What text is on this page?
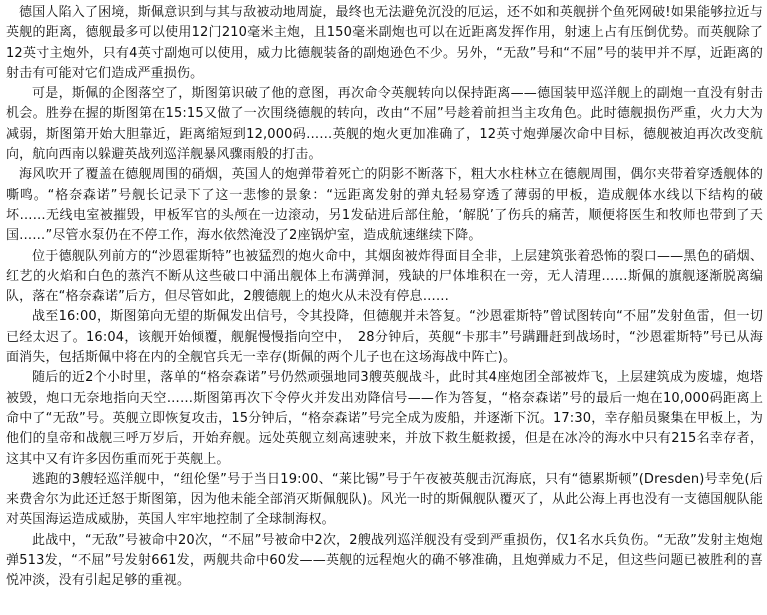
德国人陷入了困境，斯佩意识到与其与敌被动地周旋，最终也无法避免沉没的厄运，还不如和英舰拼个鱼死网破!如果能够拉近与英舰的距离，德舰最多可以使用12门210毫米主炮，且150毫米副炮也可以在近距离发挥作用，射速上占有压倒优势。而英舰除了12英寸主炮外，只有4英寸副炮可以使用，威力比德舰装备的副炮逊色不少。另外，“无敌”号和“不屈”号的装甲并不厚，近距离的射击有可能对它们造成严重损伤。

可是，斯佩的企图落空了，斯图第识破了他的意图，再次命令英舰转向以保持距离——德国装甲巡洋舰上的副炮一直没有射击机会。胜券在握的斯图第在15:15又做了一次围绕德舰的转向，改由“不屈”号趁着前担当主攻角色。此时德舰损伤严重，火力大为减弱，斯图第开始大胆靠近，距离缩短到12,000码……英舰的炮火更加准确了，12英寸炮弹屡次命中目标，德舰被迫再次改变航向，航向西南以躲避英战列巡洋舰暴风骤雨般的打击。

海风吹开了覆盖在德舰周围的硝烟，英国人的炮弹带着死亡的阴影不断落下，粗大水柱林立在德舰周围，偶尔夹带着穿透舰体的嘶鸣。“格奈森诺”号舰长记录下了这一悲惨的景象：“远距离发射的弹丸轻易穿透了薄弱的甲板，造成舰体水线以下结构的破坏……无线电室被摧毁，甲板军官的头颅在一边滚动，另1发砧进后部住舱，‘解脱’了伤兵的痛苦，顺便将医生和牧师也带到了天国……”尽管水泵仍在不停工作，海水依然淹没了2座锅炉室，造成航速继续下降。

位于德舰队列前方的“沙恩霍斯特”也被猛烈的炮火命中，其烟囱被炸得面目全非，上层建筑张着恐怖的裂口——黑色的硝烟、红艺的火焰和白色的蒸汽不断从这些破口中涌出舰体上布满弹洞，残缺的尸体堆积在一旁，无人清理……斯佩的旗舰逐渐脱离编队，落在“格奈森诺”后方，但尽管如此，2艘德舰上的炮火从未没有停息……

战至16:00，斯图第向无望的斯佩发出信号，令其投降，但德舰并未答复。“沙恩霍斯特”曾试图转向“不屈”发射鱼雷，但一切已经太迟了。16:04，该舰开始倾覆，舰艉慢慢指向空中，　28分钟后，英舰“卡那丰”号蹒跚赶到战场时，“沙恩霍斯特”号已从海面消失，包括斯佩中将在内的全舰官兵无一幸存(斯佩的两个儿子也在这场海战中阵亡)。

随后的近2个小时里，落单的“格奈森诺”号仍然顽强地同3艘英舰战斗，此时其4座炮团全部被炸飞，上层建筑成为废墟，炮塔被毁，炮口无奈地指向天空……斯图第再次下令停火并发出劝降信号——作为答复，“格奈森诺”号的最后一炮在10,000码距离上命中了“无敌”号。英舰立即恢复攻击，15分钟后，“格奈森诺”号完全成为废船，并逐渐下沉。17:30，幸存船员聚集在甲板上，为他们的皇帝和战舰三呼万岁后，开始弃舰。远处英舰立刻高速驶来，并放下救生艇救援，但是在冰冷的海水中只有215名幸存者，这其中又有许多因伤重而死于英舰上。

逃跑的3艘轻巡洋舰中，“纽伦堡”号于当日19:00、“莱比锡”号于午夜被英舰击沉海底，只有“德累斯顿”(Dresden)号幸免(后来费舍尔为此还迁怒于斯图第，因为他未能全部消灭斯佩舰队)。风光一时的斯佩舰队覆灭了，从此公海上再也没有一支德国舰队能对英国海运造成威胁，英国人牢牢地控制了全球制海权。

此战中，“无敌”号被命中20次，“不屈”号被命中2次，2艘战列巡洋舰没有受到严重损伤，仅1名水兵负伤。“无敌”发射主炮炮弹513发，“不屈”号发射661发，两舰共命中60发——英舰的远程炮火的确不够准确，且炮弹威力不足，但这些问题已被胜利的喜悦冲淡，没有引起足够的重视。
